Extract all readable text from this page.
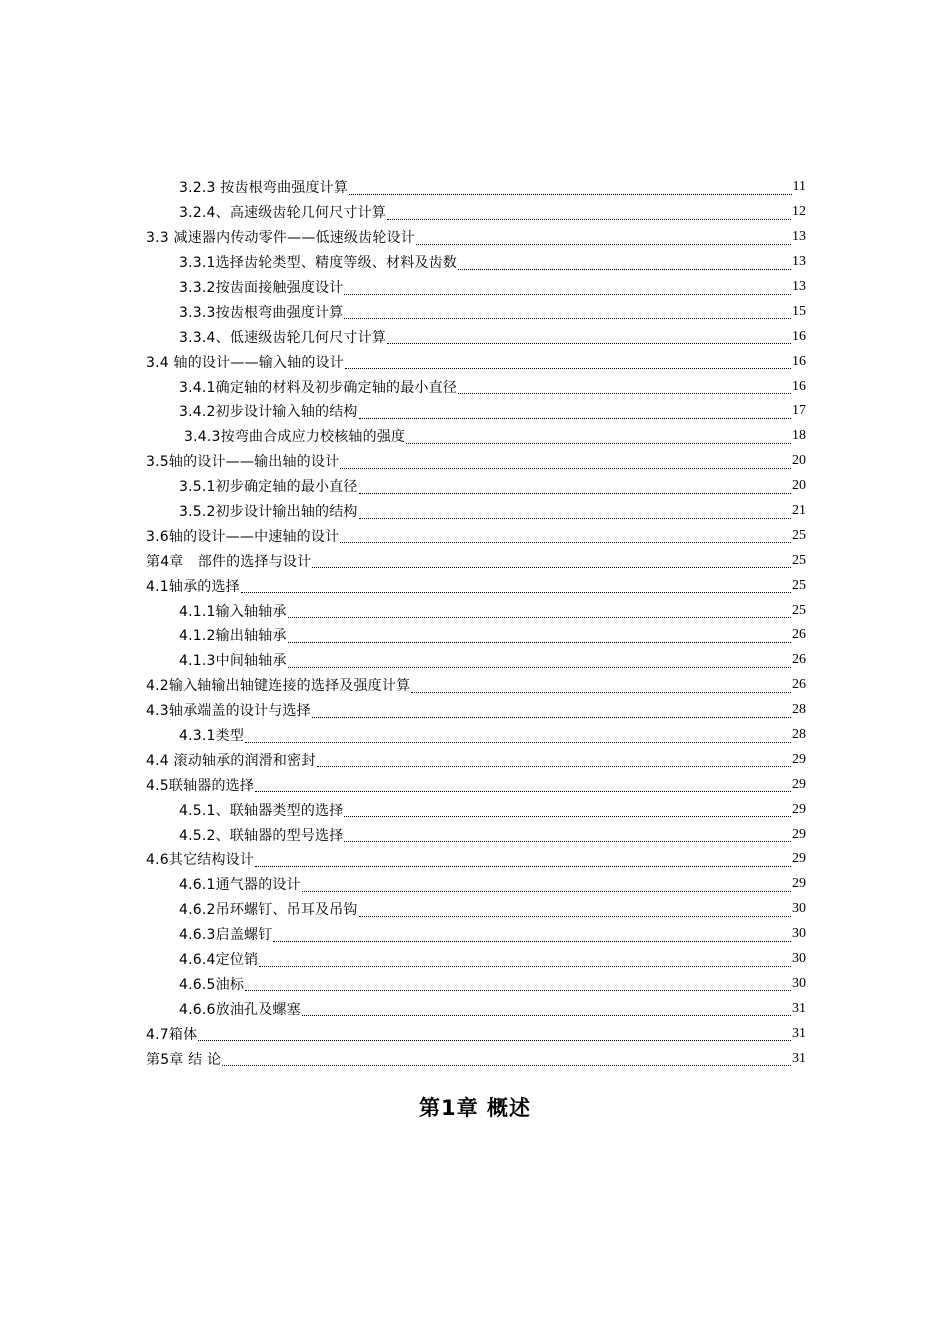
3.2.3 按齿根弯曲强度计算	11
3.2.4、高速级齿轮几何尺寸计算	12
3.3 减速器内传动零件——低速级齿轮设计	13
3.3.1选择齿轮类型、精度等级、材料及齿数	13
3.3.2按齿面接触强度设计	13
3.3.3按齿根弯曲强度计算	15
3.3.4、低速级齿轮几何尺寸计算	16
3.4 轴的设计——输入轴的设计	16
3.4.1确定轴的材料及初步确定轴的最小直径	16
3.4.2初步设计输入轴的结构	17
3.4.3按弯曲合成应力校核轴的强度	18
3.5轴的设计——输出轴的设计	20
3.5.1初步确定轴的最小直径	20
3.5.2初步设计输出轴的结构	21
3.6轴的设计——中速轴的设计	25
第4章　部件的选择与设计	25
4.1轴承的选择	25
4.1.1输入轴轴承	25
4.1.2输出轴轴承	26
4.1.3中间轴轴承	26
4.2输入轴输出轴键连接的选择及强度计算	26
4.3轴承端盖的设计与选择	28
4.3.1类型	28
4.4 滚动轴承的润滑和密封	29
4.5联轴器的选择	29
4.5.1、联轴器类型的选择	29
4.5.2、联轴器的型号选择	29
4.6其它结构设计	29
4.6.1通气器的设计	29
4.6.2吊环螺钉、吊耳及吊钩	30
4.6.3启盖螺钉	30
4.6.4定位销	30
4.6.5油标	30
4.6.6放油孔及螺塞	31
4.7箱体	31
第5章 结 论	31
第1章 概述
